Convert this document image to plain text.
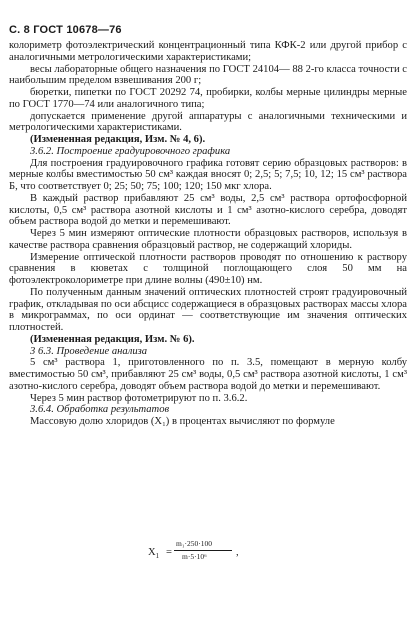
С. 8 ГОСТ 10678—76

колориметр фотоэлектрический концентрационный типа КФК-2 или другой прибор с аналогичными метрологическими характеристиками;

весы лабораторные общего назначения по ГОСТ 24104— 88 2-го класса точности с наибольшим пределом взвешивания 200 г;

бюретки, пипетки по ГОСТ 20292 74, пробирки, колбы мерные цилиндры мерные по ГОСТ 1770—74 или аналогичного типа;

допускается применение другой аппаратуры с аналогичными техническими и метрологическими характеристиками.

(Измененная редакция, Изм. № 4, 6).

3.6.2. Построение градуировочного графика

Для построения градуировочного графика готовят серию образцовых растворов: в мерные колбы вместимостью 50 см³ каждая вносят 0; 2,5; 5; 7,5; 10, 12; 15 см³ раствора Б, что соответствует 0; 25; 50; 75; 100; 120; 150 мкг хлора.

В каждый раствор прибавляют 25 см³ воды, 2,5 см³ раствора ортофосфорной кислоты, 0,5 см³ раствора азотной кислоты и 1 см³ азотно-кислого серебра, доводят объем раствора водой до метки и перемешивают.

Через 5 мин измеряют оптические плотности образцовых растворов, используя в качестве раствора сравнения образцовый раствор, не содержащий хлориды.

Измерение оптической плотности растворов проводят по отношению к раствору сравнения в кюветах с толщиной поглощающего слоя 50 мм на фотоэлектроколориметре при длине волны (490±10) нм.

По полученным данным значений оптических плотностей строят градуировочный график, откладывая по оси абсцисс содержащиеся в образцовых растворах массы хлора в микрограммах, по оси ординат — соответствующие им значения оптических плотностей.

(Измененная редакция, Изм. № 6).

3 6.3. Проведение анализа

5 см³ раствора 1, приготовленного по п. 3.5, помещают в мерную колбу вместимостью 50 см³, прибавляют 25 см³ воды, 0,5 см³ раствора азотной кислоты, 1 см³ азотно-кислого серебра, доводят объем раствора водой до метки и перемешивают.

Через 5 мин раствор фотометрируют по п. 3.6.2.

3.6.4. Обработка результатов

Массовую долю хлоридов (X₁) в процентах вычисляют по формуле

$X_1$ =
m₁·250·100
m·5·10⁶	,
